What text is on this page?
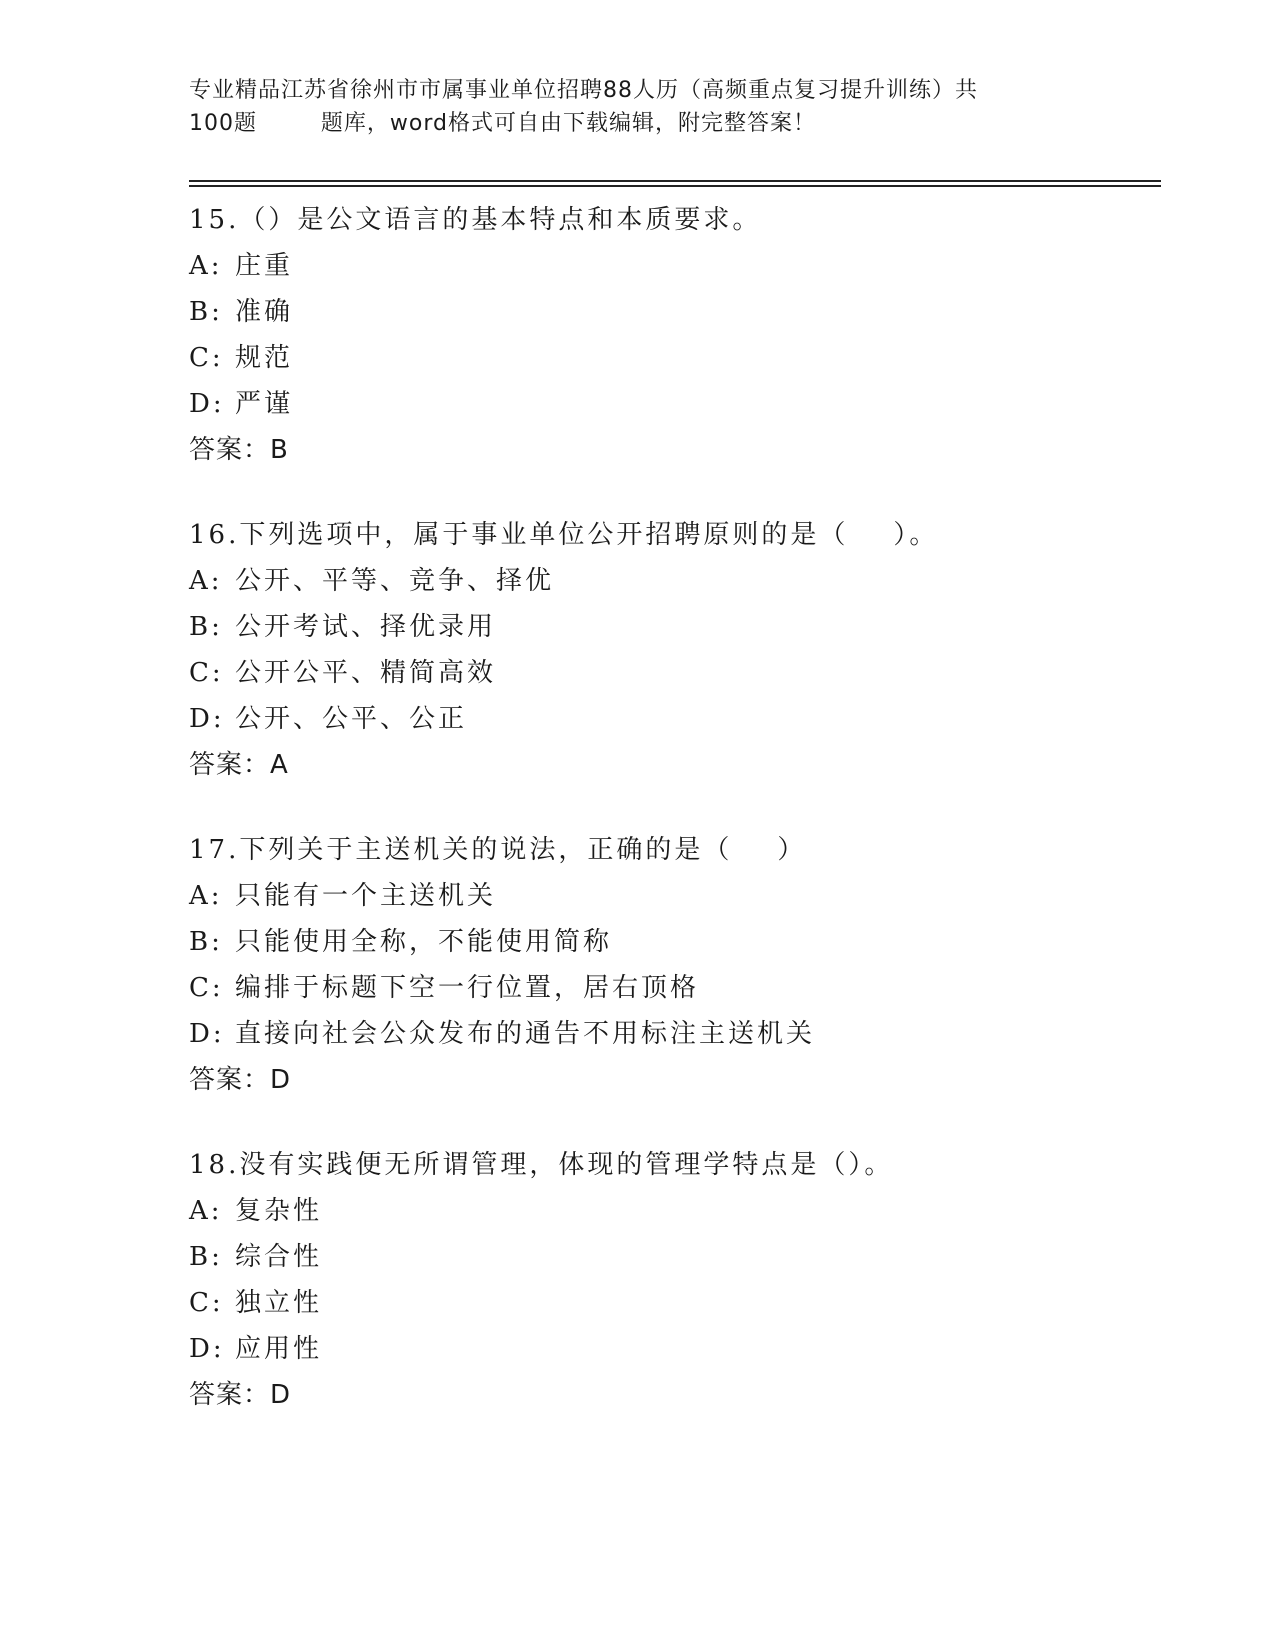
专业精品江苏省徐州市市属事业单位招聘88人历（高频重点复习提升训练）共
100题        题库，word格式可自由下载编辑，附完整答案！
15.（）是公文语言的基本特点和本质要求。
A: 庄重
B: 准确
C: 规范
D: 严谨
答案：B
16.下列选项中，属于事业单位公开招聘原则的是（    ）。
A: 公开、平等、竞争、择优
B: 公开考试、择优录用
C: 公开公平、精简高效
D: 公开、公平、公正
答案：A
17.下列关于主送机关的说法，正确的是（    ）
A: 只能有一个主送机关
B: 只能使用全称，不能使用简称
C: 编排于标题下空一行位置，居右顶格
D: 直接向社会公众发布的通告不用标注主送机关
答案：D
18.没有实践便无所谓管理，体现的管理学特点是（）。
A: 复杂性
B: 综合性
C: 独立性
D: 应用性
答案：D
